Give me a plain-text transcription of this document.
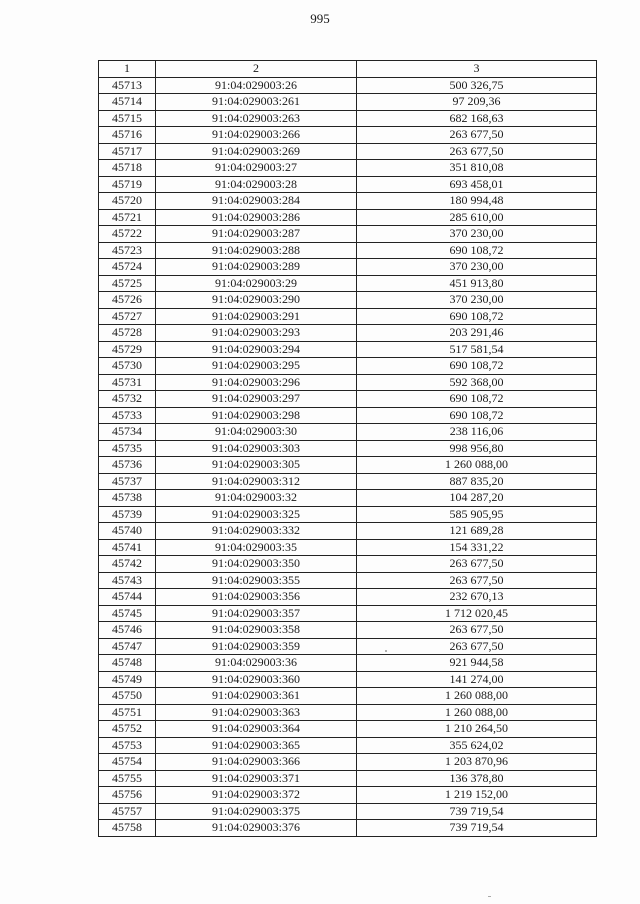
995
1	2	3
45713	91:04:029003:26	500 326,75
45714	91:04:029003:261	97 209,36
45715	91:04:029003:263	682 168,63
45716	91:04:029003:266	263 677,50
45717	91:04:029003:269	263 677,50
45718	91:04:029003:27	351 810,08
45719	91:04:029003:28	693 458,01
45720	91:04:029003:284	180 994,48
45721	91:04:029003:286	285 610,00
45722	91:04:029003:287	370 230,00
45723	91:04:029003:288	690 108,72
45724	91:04:029003:289	370 230,00
45725	91:04:029003:29	451 913,80
45726	91:04:029003:290	370 230,00
45727	91:04:029003:291	690 108,72
45728	91:04:029003:293	203 291,46
45729	91:04:029003:294	517 581,54
45730	91:04:029003:295	690 108,72
45731	91:04:029003:296	592 368,00
45732	91:04:029003:297	690 108,72
45733	91:04:029003:298	690 108,72
45734	91:04:029003:30	238 116,06
45735	91:04:029003:303	998 956,80
45736	91:04:029003:305	1 260 088,00
45737	91:04:029003:312	887 835,20
45738	91:04:029003:32	104 287,20
45739	91:04:029003:325	585 905,95
45740	91:04:029003:332	121 689,28
45741	91:04:029003:35	154 331,22
45742	91:04:029003:350	263 677,50
45743	91:04:029003:355	263 677,50
45744	91:04:029003:356	232 670,13
45745	91:04:029003:357	1 712 020,45
45746	91:04:029003:358	263 677,50
45747	91:04:029003:359	263 677,50
45748	91:04:029003:36	921 944,58
45749	91:04:029003:360	141 274,00
45750	91:04:029003:361	1 260 088,00
45751	91:04:029003:363	1 260 088,00
45752	91:04:029003:364	1 210 264,50
45753	91:04:029003:365	355 624,02
45754	91:04:029003:366	1 203 870,96
45755	91:04:029003:371	136 378,80
45756	91:04:029003:372	1 219 152,00
45757	91:04:029003:375	739 719,54
45758	91:04:029003:376	739 719,54
